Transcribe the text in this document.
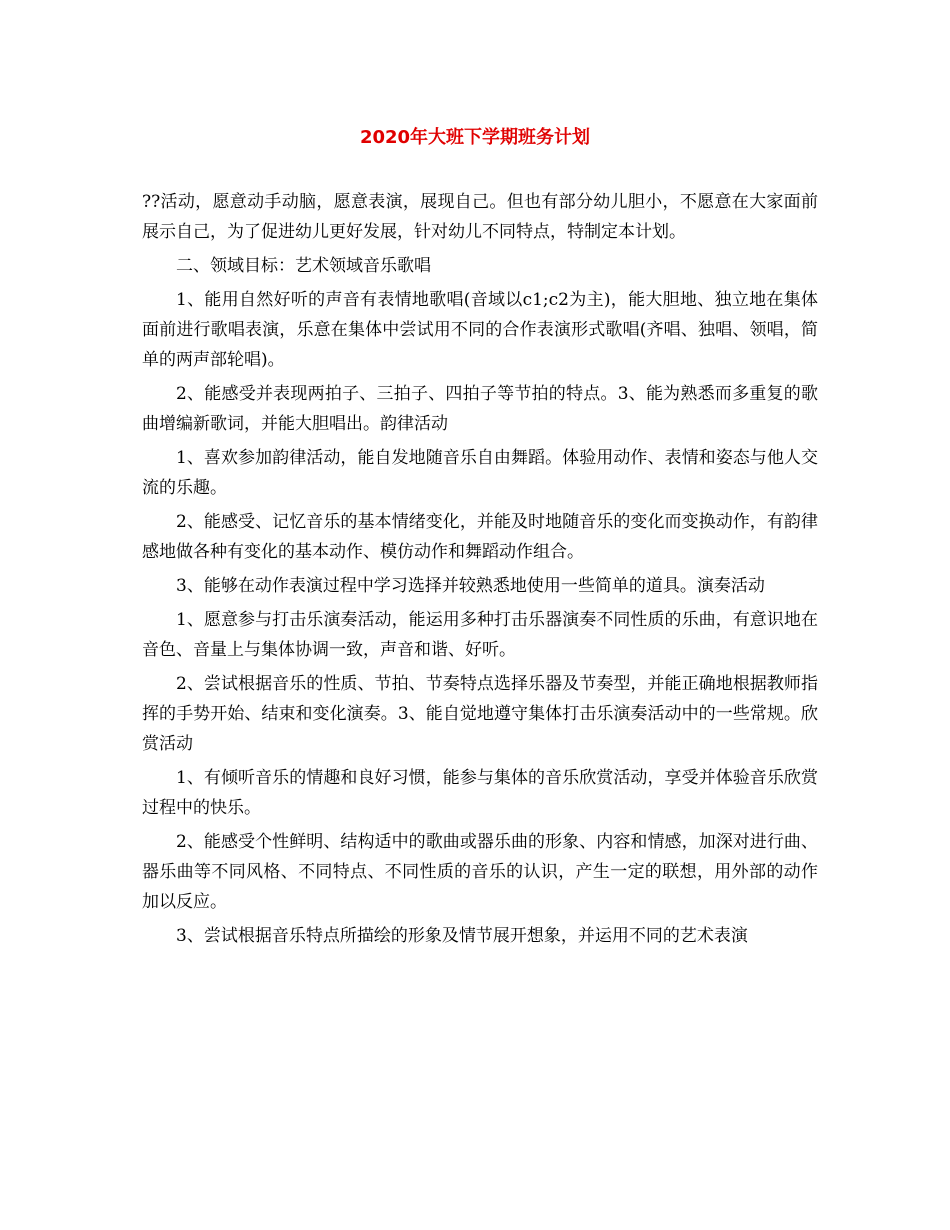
2020年大班下学期班务计划

??活动，愿意动手动脑，愿意表演，展现自己。但也有部分幼儿胆小，不愿意在大家面前展示自己，为了促进幼儿更好发展，针对幼儿不同特点，特制定本计划。

二、领域目标：艺术领域音乐歌唱

1、能用自然好听的声音有表情地歌唱(音域以c1;c2为主)，能大胆地、独立地在集体面前进行歌唱表演，乐意在集体中尝试用不同的合作表演形式歌唱(齐唱、独唱、领唱，简单的两声部轮唱)。

2、能感受并表现两拍子、三拍子、四拍子等节拍的特点。3、能为熟悉而多重复的歌曲增编新歌词，并能大胆唱出。韵律活动

1、喜欢参加韵律活动，能自发地随音乐自由舞蹈。体验用动作、表情和姿态与他人交流的乐趣。

2、能感受、记忆音乐的基本情绪变化，并能及时地随音乐的变化而变换动作，有韵律感地做各种有变化的基本动作、模仿动作和舞蹈动作组合。

3、能够在动作表演过程中学习选择并较熟悉地使用一些简单的道具。演奏活动

1、愿意参与打击乐演奏活动，能运用多种打击乐器演奏不同性质的乐曲，有意识地在音色、音量上与集体协调一致，声音和谐、好听。

2、尝试根据音乐的性质、节拍、节奏特点选择乐器及节奏型，并能正确地根据教师指挥的手势开始、结束和变化演奏。3、能自觉地遵守集体打击乐演奏活动中的一些常规。欣赏活动

1、有倾听音乐的情趣和良好习惯，能参与集体的音乐欣赏活动，享受并体验音乐欣赏过程中的快乐。

2、能感受个性鲜明、结构适中的歌曲或器乐曲的形象、内容和情感，加深对进行曲、器乐曲等不同风格、不同特点、不同性质的音乐的认识，产生一定的联想，用外部的动作加以反应。

3、尝试根据音乐特点所描绘的形象及情节展开想象，并运用不同的艺术表演
